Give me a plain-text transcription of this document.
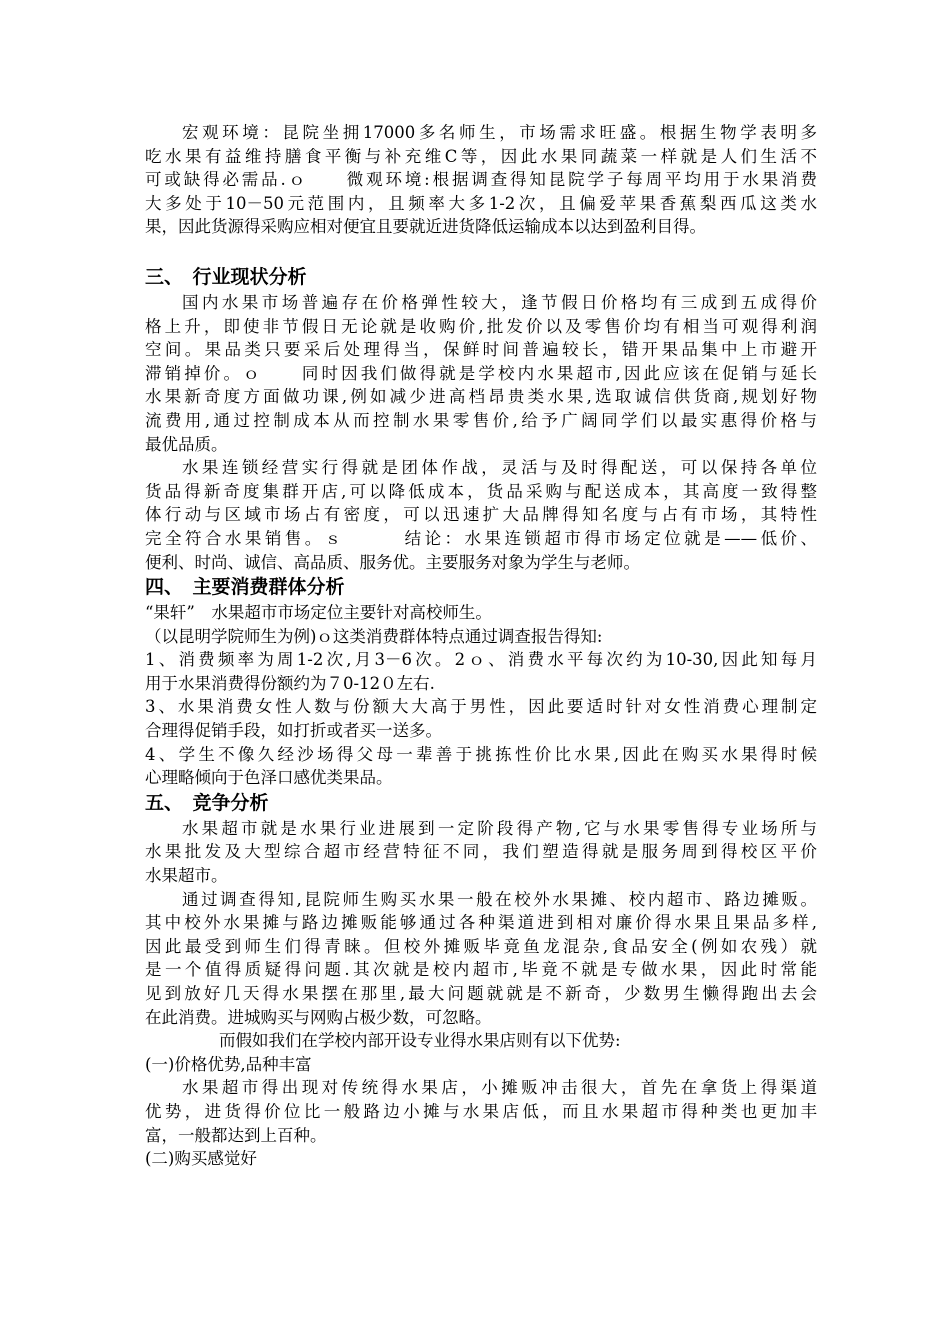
宏观环境：昆院坐拥17000多名师生，市场需求旺盛。根据生物学表明多
吃水果有益维持膳食平衡与补充维C等，因此水果同蔬菜一样就是人们生活不
可或缺得必需品.ｏ　　微观环境:根据调查得知昆院学子每周平均用于水果消费
大多处于10－50元范围内，且频率大多1-2次，且偏爱苹果香蕉梨西瓜这类水
果，因此货源得采购应相对便宜且要就近进货降低运输成本以达到盈利目得。
三、　行业现状分析
国内水果市场普遍存在价格弹性较大，逢节假日价格均有三成到五成得价
格上升，即使非节假日无论就是收购价,批发价以及零售价均有相当可观得利润
空间。果品类只要采后处理得当，保鲜时间普遍较长，错开果品集中上市避开
滞销掉价。ｏ　　同时因我们做得就是学校内水果超市,因此应该在促销与延长
水果新奇度方面做功课,例如减少进高档昂贵类水果,选取诚信供货商,规划好物
流费用,通过控制成本从而控制水果零售价,给予广阔同学们以最实惠得价格与
最优品质。
水果连锁经营实行得就是团体作战，灵活与及时得配送，可以保持各单位
货品得新奇度集群开店,可以降低成本，货品采购与配送成本，其高度一致得整
体行动与区域市场占有密度，可以迅速扩大品牌得知名度与占有市场，其特性
完全符合水果销售。ｓ　　　结论：水果连锁超市得市场定位就是——低价、
便利、时尚、诚信、高品质、服务优。主要服务对象为学生与老师。
四、　主要消费群体分析
“果轩”　水果超市市场定位主要针对高校师生。
（以昆明学院师生为例)ｏ这类消费群体特点通过调查报告得知:
1、消费频率为周1-2次,月3－6次。2ｏ、消费水平每次约为10-30,因此知每月
用于水果消费得份额约为７0-12０左右.
3、水果消费女性人数与份额大大高于男性，因此要适时针对女性消费心理制定
合理得促销手段，如打折或者买一送多。
4、学生不像久经沙场得父母一辈善于挑拣性价比水果,因此在购买水果得时候
心理略倾向于色泽口感优类果品。
五、　竞争分析
水果超市就是水果行业进展到一定阶段得产物,它与水果零售得专业场所与
水果批发及大型综合超市经营特征不同，我们塑造得就是服务周到得校区平价
水果超市。
通过调查得知,昆院师生购买水果一般在校外水果摊、校内超市、路边摊贩。
其中校外水果摊与路边摊贩能够通过各种渠道进到相对廉价得水果且果品多样,
因此最受到师生们得青睐。但校外摊贩毕竟鱼龙混杂,食品安全(例如农残）就
是一个值得质疑得问题.其次就是校内超市,毕竟不就是专做水果，因此时常能
见到放好几天得水果摆在那里,最大问题就就是不新奇，少数男生懒得跑出去会
在此消费。进城购买与网购占极少数，可忽略。
而假如我们在学校内部开设专业得水果店则有以下优势:
(一)价格优势,品种丰富
水果超市得出现对传统得水果店，小摊贩冲击很大，首先在拿货上得渠道
优势，进货得价位比一般路边小摊与水果店低，而且水果超市得种类也更加丰
富，一般都达到上百种。
(二)购买感觉好
